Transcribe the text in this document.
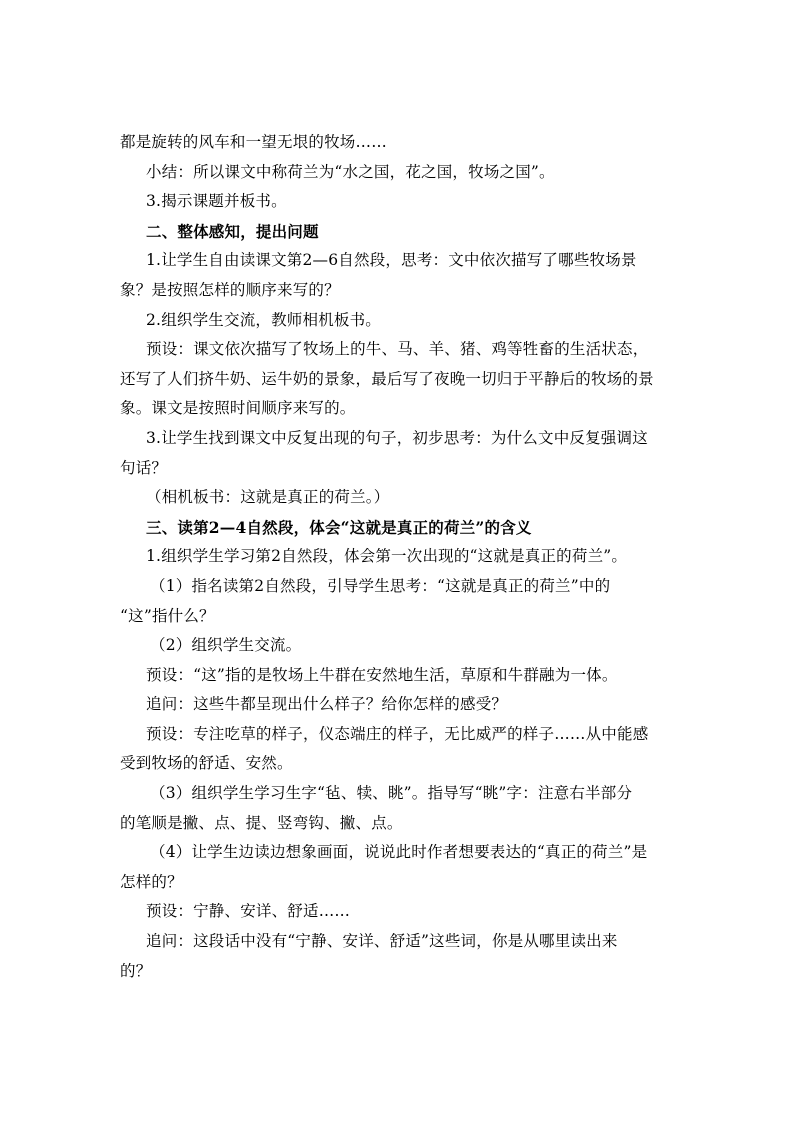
都是旋转的风车和一望无垠的牧场……
小结：所以课文中称荷兰为“水之国，花之国，牧场之国”。
3.揭示课题并板书。
二、整体感知，提出问题
1.让学生自由读课文第2—6自然段，思考：文中依次描写了哪些牧场景
象？是按照怎样的顺序来写的？
2.组织学生交流，教师相机板书。
预设：课文依次描写了牧场上的牛、马、羊、猪、鸡等牲畜的生活状态，
还写了人们挤牛奶、运牛奶的景象，最后写了夜晚一切归于平静后的牧场的景
象。课文是按照时间顺序来写的。
3.让学生找到课文中反复出现的句子，初步思考：为什么文中反复强调这
句话？
（相机板书：这就是真正的荷兰。）
三、读第2—4自然段，体会“这就是真正的荷兰”的含义
1.组织学生学习第2自然段，体会第一次出现的“这就是真正的荷兰”。
（1）指名读第2自然段，引导学生思考：“这就是真正的荷兰”中的
“这”指什么？
（2）组织学生交流。
预设：“这”指的是牧场上牛群在安然地生活，草原和牛群融为一体。
追问：这些牛都呈现出什么样子？给你怎样的感受？
预设：专注吃草的样子，仪态端庄的样子，无比威严的样子……从中能感
受到牧场的舒适、安然。
（3）组织学生学习生字“毡、犊、眺”。指导写“眺”字：注意右半部分
的笔顺是撇、点、提、竖弯钩、撇、点。
（4）让学生边读边想象画面，说说此时作者想要表达的“真正的荷兰”是
怎样的？
预设：宁静、安详、舒适……
追问：这段话中没有“宁静、安详、舒适”这些词，你是从哪里读出来
的？
